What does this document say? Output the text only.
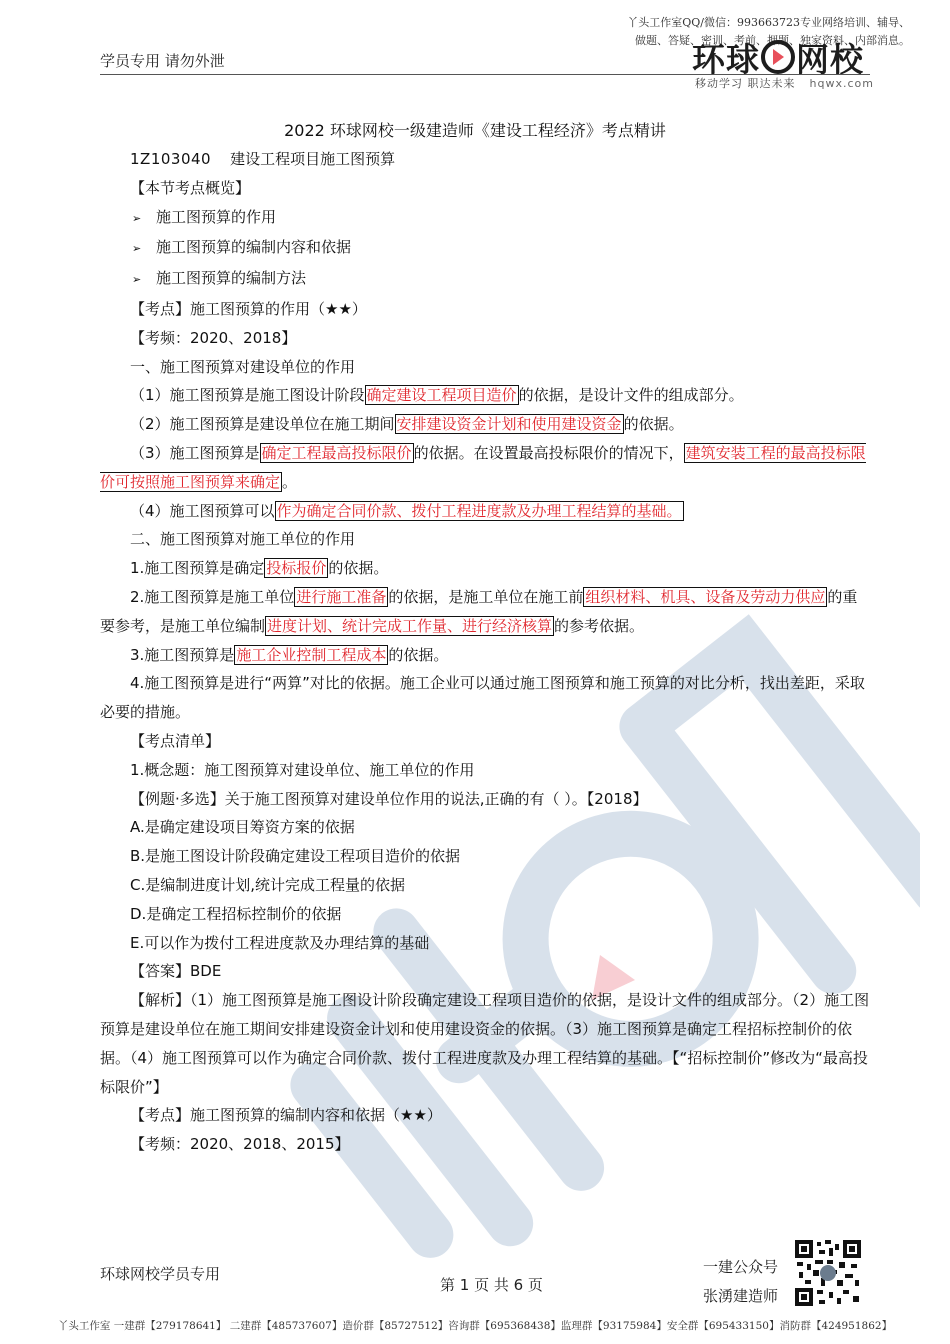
丫头工作室QQ/微信：993663723专业网络培训、辅导、
做题、答疑、密训、考前、押题、独家资料、内部消息。
学员专用 请勿外泄	环球 网校
移动学习 职达未来 hqwx.com
2022 环球网校一级建造师《建设工程经济》考点精讲

1Z103040 建设工程项目施工图预算

【本节考点概览】

➢ 施工图预算的作用

➢ 施工图预算的编制内容和依据

➢ 施工图预算的编制方法

【考点】施工图预算的作用（★★）

【考频：2020、2018】

一、施工图预算对建设单位的作用

（1）施工图预算是施工图设计阶段 确定建设工程项目造价 的依据，是设计文件的组成部分。

（2）施工图预算是建设单位在施工期间 安排建设资金计划和使用建设资金 的依据。

（3）施工图预算是 确定工程最高投标限价 的依据。在设置最高投标限价的情况下， 建筑安装工程的最高投标限价可按照施工图预算来确定 。

（4）施工图预算可以 作为确定合同价款、拨付工程进度款及办理工程结算的基础。

二、施工图预算对施工单位的作用

1.施工图预算是确定 投标报价 的依据。

2.施工图预算是施工单位 进行施工准备 的依据，是施工单位在施工前 组织材料、机具、设备及劳动力供应 的重要参考，是施工单位编制 进度计划、统计完成工作量、进行经济核算 的参考依据。

3.施工图预算是 施工企业控制工程成本 的依据。

4.施工图预算是进行“两算”对比的依据。施工企业可以通过施工图预算和施工预算的对比分析，找出差距，采取必要的措施。

【考点清单】

1.概念题：施工图预算对建设单位、施工单位的作用

【例题·多选】关于施工图预算对建设单位作用的说法,正确的有（ ）。【2018】

A.是确定建设项目筹资方案的依据

B.是施工图设计阶段确定建设工程项目造价的依据

C.是编制进度计划,统计完成工程量的依据

D.是确定工程招标控制价的依据

E.可以作为拨付工程进度款及办理结算的基础

【答案】BDE

【解析】（1）施工图预算是施工图设计阶段确定建设工程项目造价的依据，是设计文件的组成部分。（2）施工图预算是建设单位在施工期间安排建设资金计划和使用建设资金的依据。（3）施工图预算是确定工程招标控制价的依据。（4）施工图预算可以作为确定合同价款、拨付工程进度款及办理工程结算的基础。【“招标控制价”修改为“最高投标限价”】

【考点】施工图预算的编制内容和依据（★★）

【考频：2020、2018、2015】

环球网校学员专用
第 1 页 共 6 页
一建公众号
张湧建造师
丫头工作室 一建群【279178641】 二建群【485737607】造价群【85727512】咨询群【695368438】监理群【93175984】安全群【695433150】消防群【424951862】
